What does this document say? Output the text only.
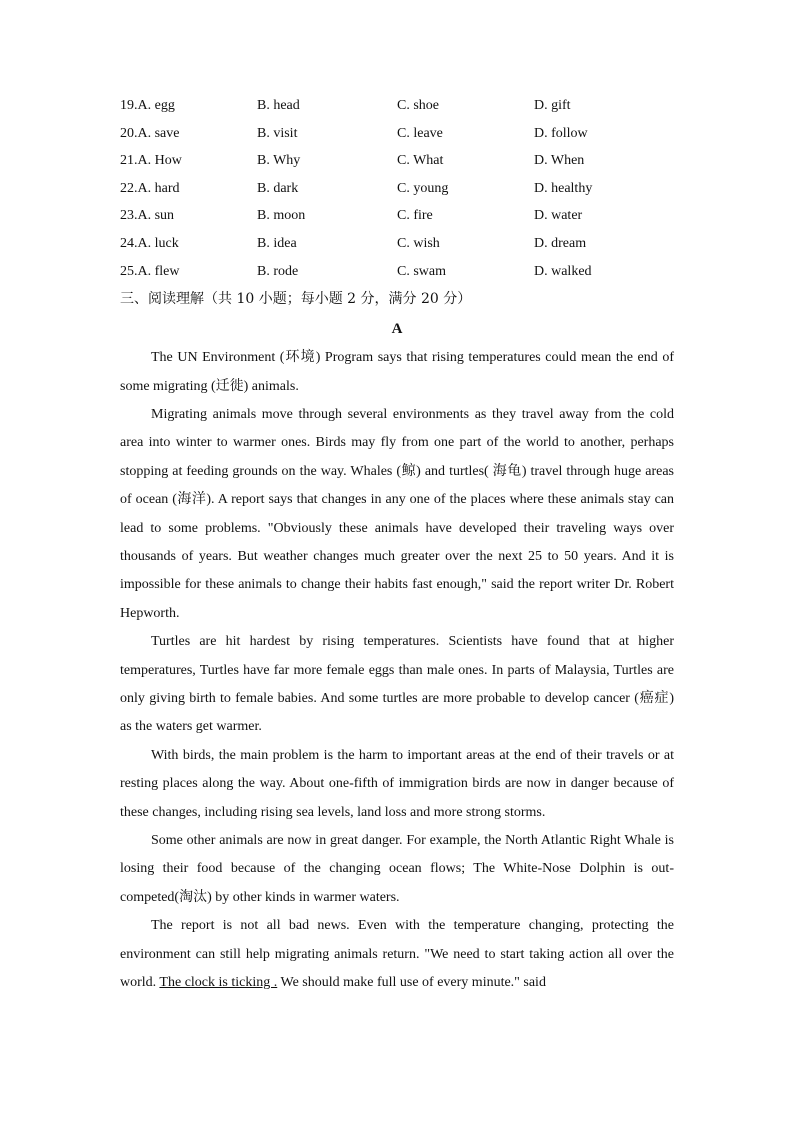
19.A. egg	B. head	C. shoe	D. gift
20.A. save	B. visit	C. leave	D. follow
21.A. How	B. Why	C. What	D. When
22.A. hard	B. dark	C. young	D. healthy
23.A. sun	B. moon	C. fire	D. water
24.A. luck	B. idea	C. wish	D. dream
25.A. flew	B. rode	C. swam	D. walked
三、阅读理解（共 10 小题；每小题 2 分，满分 20 分）
A

The UN Environment (环境) Program says that rising temperatures could mean the end of some migrating (迁徙) animals.

Migrating animals move through several environments as they travel away from the cold area into winter to warmer ones. Birds may fly from one part of the world to another, perhaps stopping at feeding grounds on the way. Whales (鲸) and turtles( 海龟) travel through huge areas of ocean (海洋). A report says that changes in any one of the places where these animals stay can lead to some problems. "Obviously these animals have developed their traveling ways over thousands of years. But weather changes much greater over the next 25 to 50 years. And it is impossible for these animals to change their habits fast enough," said the report writer Dr. Robert Hepworth.

Turtles are hit hardest by rising temperatures. Scientists have found that at higher temperatures, Turtles have far more female eggs than male ones. In parts of Malaysia, Turtles are only giving birth to female babies. And some turtles are more probable to develop cancer (癌症) as the waters get warmer.

With birds, the main problem is the harm to important areas at the end of their travels or at resting places along the way. About one-fifth of immigration birds are now in danger because of these changes, including rising sea levels, land loss and more strong storms.

Some other animals are now in great danger. For example, the North Atlantic Right Whale is losing their food because of the changing ocean flows; The White-Nose Dolphin is out-competed(淘汰) by other kinds in warmer waters.

The report is not all bad news. Even with the temperature changing, protecting the environment can still help migrating animals return. "We need to start taking action all over the world. The clock is ticking . We should make full use of every minute." said
